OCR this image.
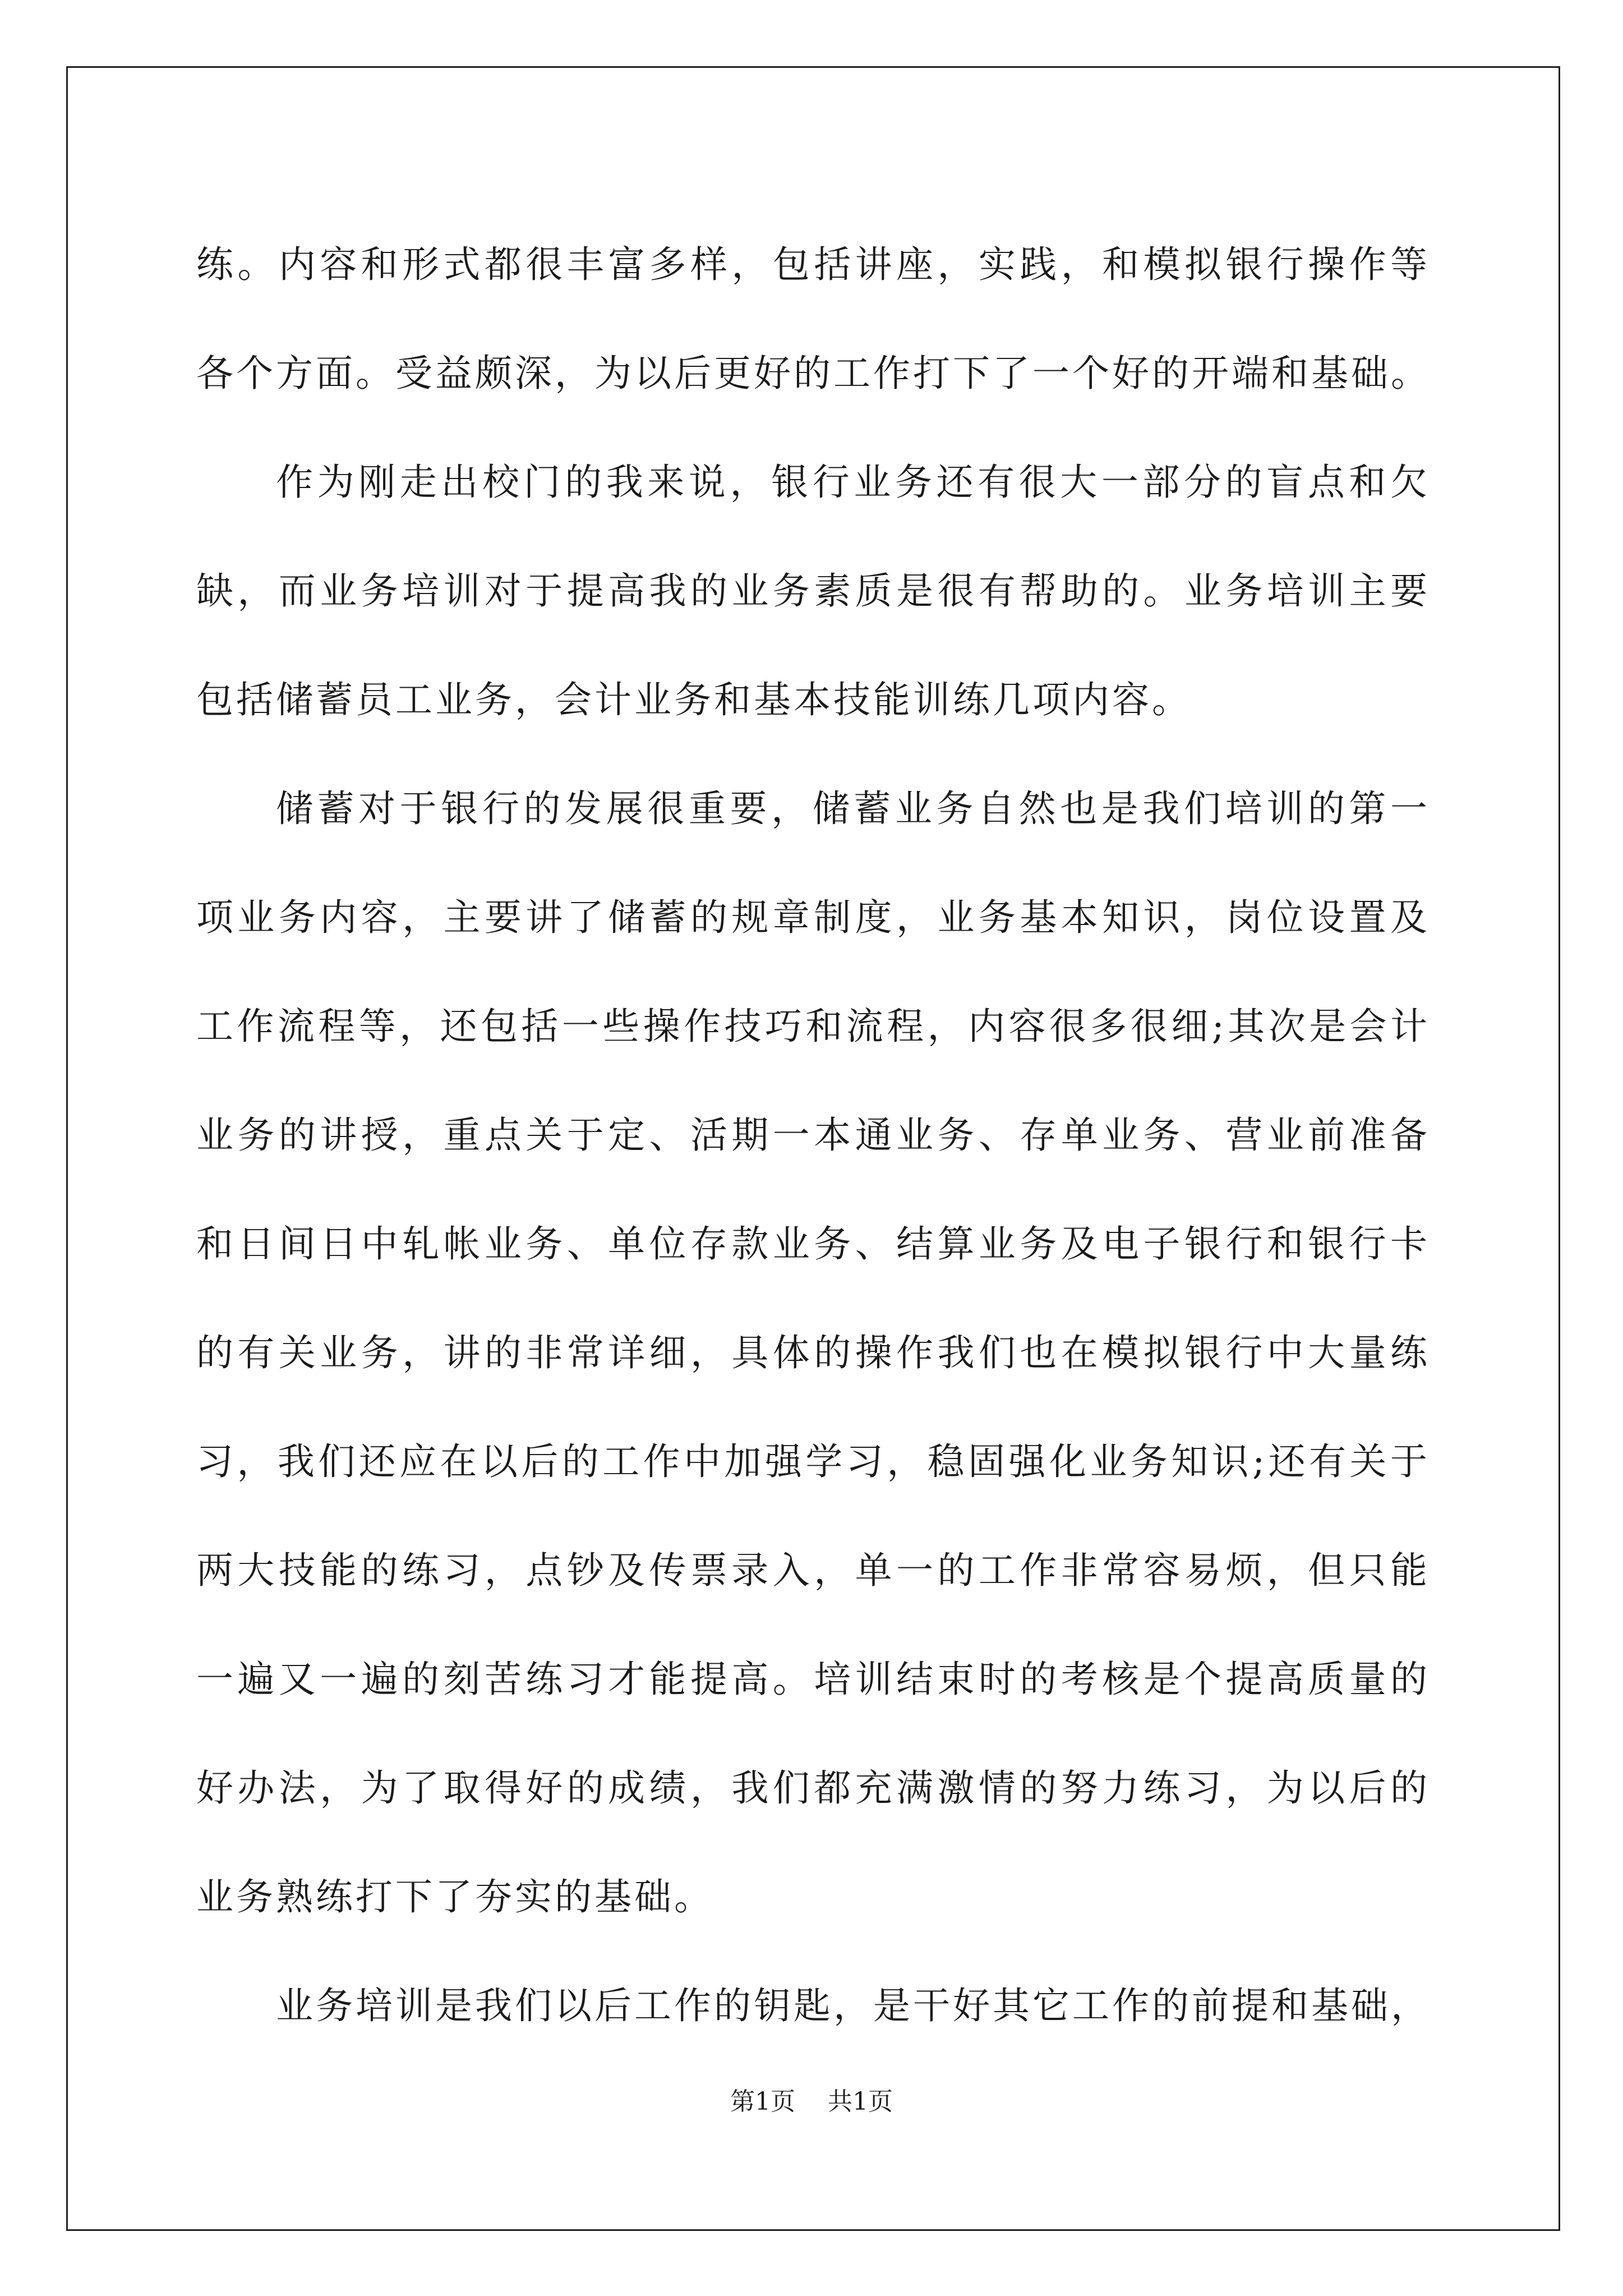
练。内容和形式都很丰富多样，包括讲座，实践，和模拟银行操作等
各个方面。受益颇深，为以后更好的工作打下了一个好的开端和基础。
作为刚走出校门的我来说，银行业务还有很大一部分的盲点和欠
缺，而业务培训对于提高我的业务素质是很有帮助的。业务培训主要
包括储蓄员工业务，会计业务和基本技能训练几项内容。
储蓄对于银行的发展很重要，储蓄业务自然也是我们培训的第一
项业务内容，主要讲了储蓄的规章制度，业务基本知识，岗位设置及
工作流程等，还包括一些操作技巧和流程，内容很多很细;其次是会计
业务的讲授，重点关于定、活期一本通业务、存单业务、营业前准备
和日间日中轧帐业务、单位存款业务、结算业务及电子银行和银行卡
的有关业务，讲的非常详细，具体的操作我们也在模拟银行中大量练
习，我们还应在以后的工作中加强学习，稳固强化业务知识;还有关于
两大技能的练习，点钞及传票录入，单一的工作非常容易烦，但只能
一遍又一遍的刻苦练习才能提高。培训结束时的考核是个提高质量的
好办法，为了取得好的成绩，我们都充满激情的努力练习，为以后的
业务熟练打下了夯实的基础。
业务培训是我们以后工作的钥匙，是干好其它工作的前提和基础，
第1页 共1页
